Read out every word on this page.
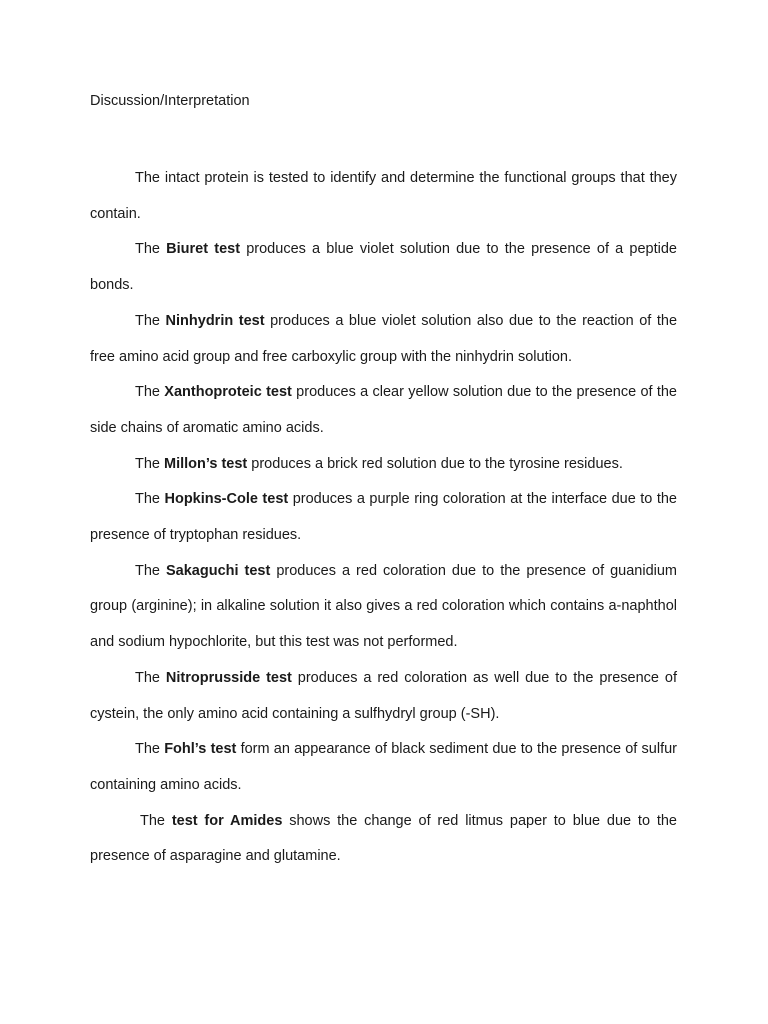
Discussion/Interpretation

The intact protein is tested to identify and determine the functional groups that they contain.

The Biuret test produces a blue violet solution due to the presence of a peptide bonds.

The Ninhydrin test produces a blue violet solution also due to the reaction of the free amino acid group and free carboxylic group with the ninhydrin solution.

The Xanthoproteic test produces a clear yellow solution due to the presence of the side chains of aromatic amino acids.

The Millon’s test produces a brick red solution due to the tyrosine residues.

The Hopkins-Cole test produces a purple ring coloration at the interface due to the presence of tryptophan residues.

The Sakaguchi test produces a red coloration due to the presence of guanidium group (arginine); in alkaline solution it also gives a red coloration which contains a-naphthol and sodium hypochlorite, but this test was not performed.

The Nitroprusside test produces a red coloration as well due to the presence of cystein, the only amino acid containing a sulfhydryl group (-SH).

The Fohl’s test form an appearance of black sediment due to the presence of sulfur containing amino acids.

The test for Amides shows the change of red litmus paper to blue due to the presence of asparagine and glutamine.
